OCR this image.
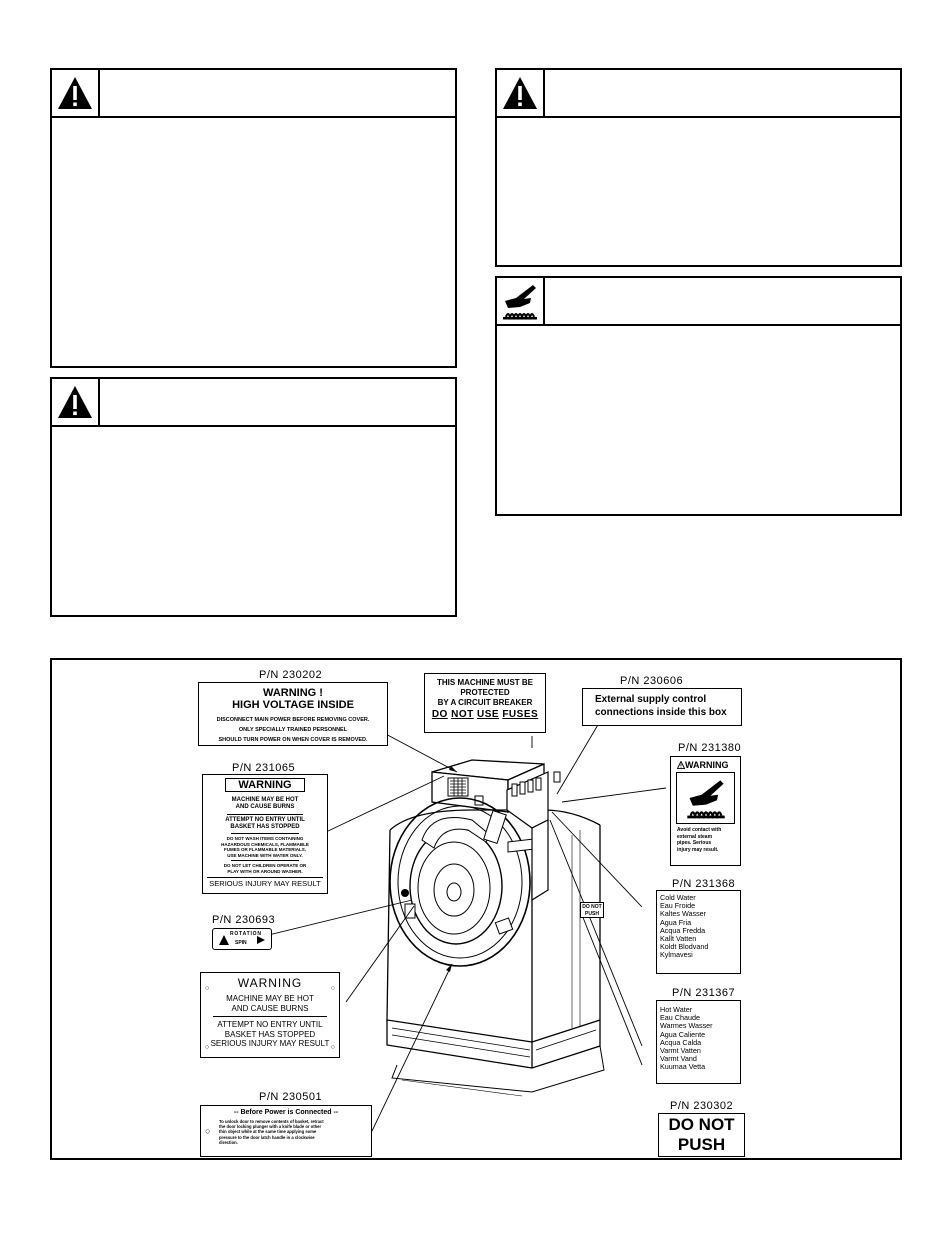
DO NOT
PUSH
P/N 230202
WARNING !
HIGH VOLTAGE INSIDE
DISCONNECT MAIN POWER BEFORE REMOVING COVER.
ONLY SPECIALLY TRAINED PERSONNEL
SHOULD TURN POWER ON WHEN COVER IS REMOVED.
THIS MACHINE MUST BE
PROTECTED
BY A CIRCUIT BREAKER
DO NOT USE FUSES
P/N 230606
External supply control
connections inside this box
P/N 231380
WARNING
Avoid contact with
external steam
pipes. Serious
injury may result.
P/N 231065
WARNING
MACHINE MAY BE HOT
AND CAUSE BURNS
ATTEMPT NO ENTRY UNTIL
BASKET HAS STOPPED
DO NOT WASH ITEMS CONTAINING
HAZARDOUS CHEMICALS, FLAMMABLE
FUMES OR FLAMMABLE MATERIALS.
USE MACHINE WITH WATER ONLY.
DO NOT LET CHILDREN OPERATE OR
PLAY WITH OR AROUND WASHER.
SERIOUS INJURY MAY RESULT
P/N 230693
ROTATION
SPIN
○	○
○	○
WARNING
MACHINE MAY BE HOT
AND CAUSE BURNS
ATTEMPT NO ENTRY UNTIL
BASKET HAS STOPPED
SERIOUS INJURY MAY RESULT
P/N 230501
-- Before Power is Connected --
○
To unlock door to remove contents of basket, retract
the door locking plunger with a knife blade or other
thin object while at the same time applying some
pressure to the door latch handle in a clockwise
direction.
P/N 231368
Cold Water
Eau Froide
Kaltes Wasser
Agua Fria
Acqua Fredda
Kallt Vatten
Koldt Blodvand
Kylmavesi
P/N 231367
Hot Water
Eau Chaude
Warmes Wasser
Agua Caliente
Acqua Calda
Varmt Vatten
Varmt Vand
Kuumaa Vetta
P/N 230302
DO NOT
PUSH
